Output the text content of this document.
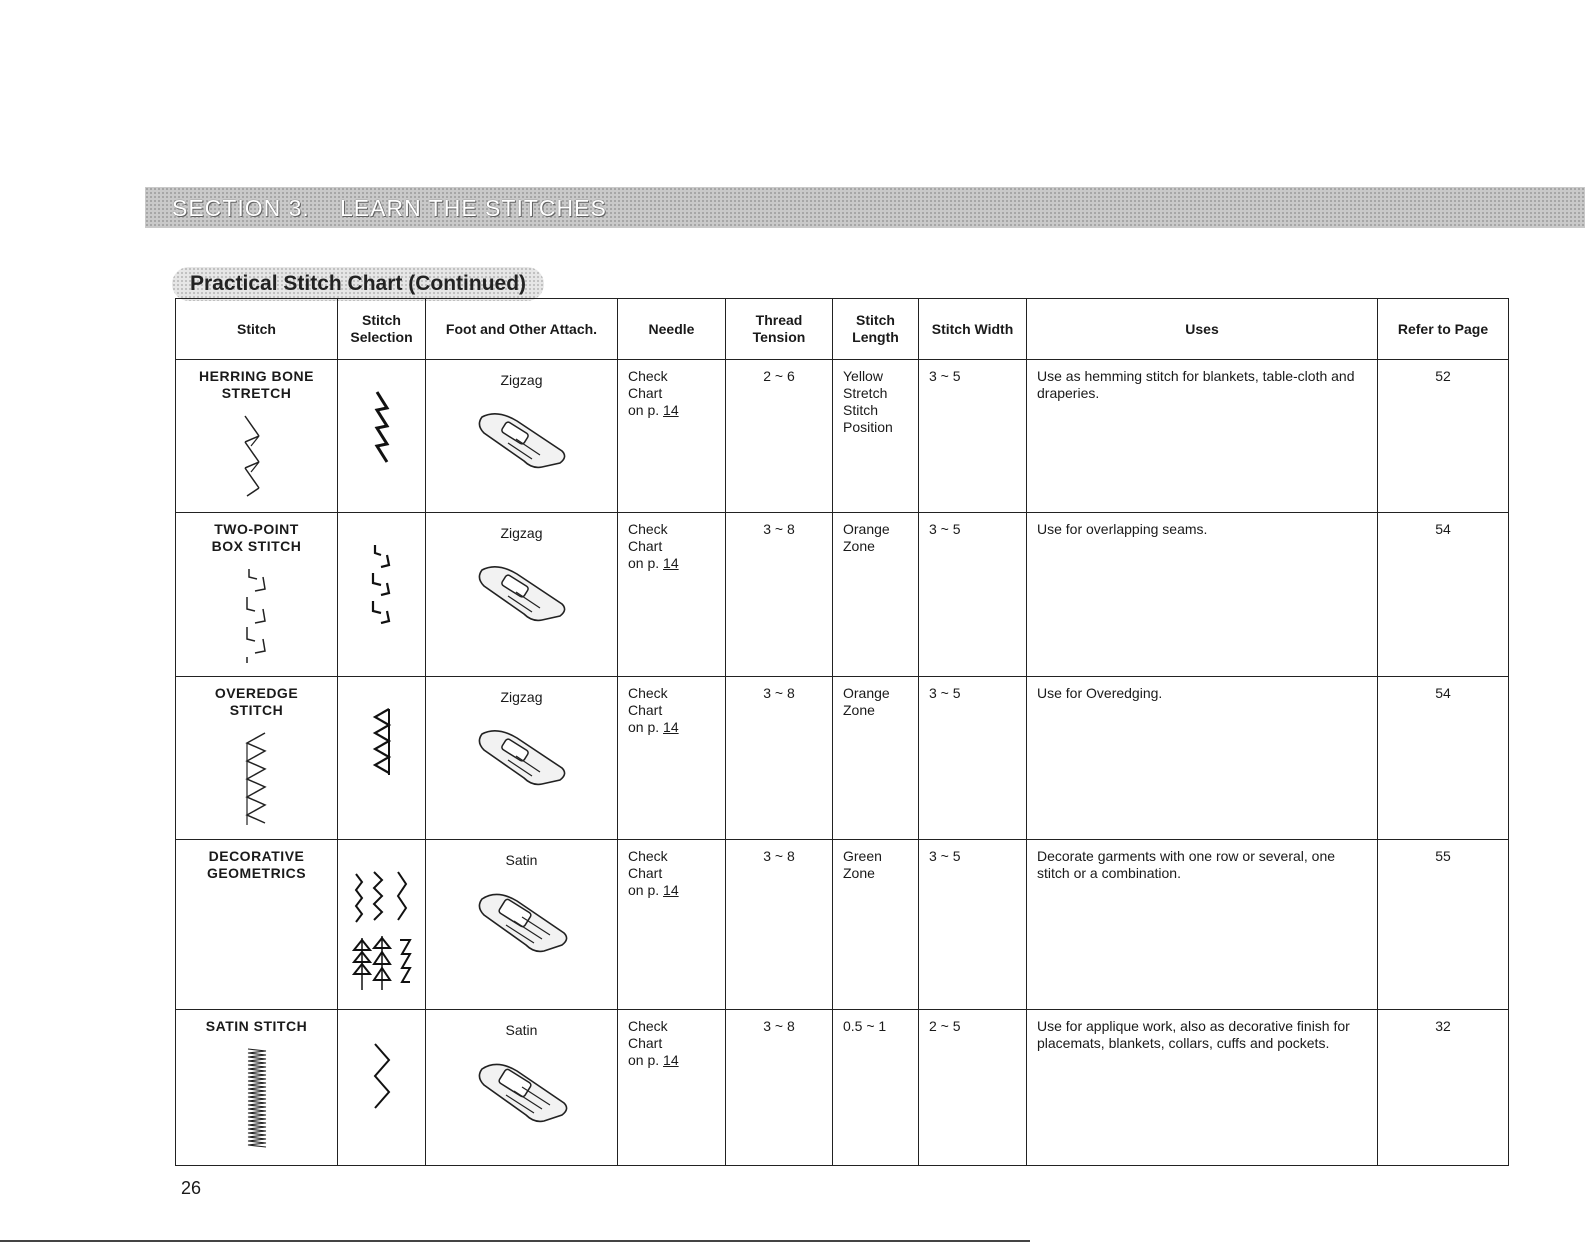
SECTION 3. LEARN THE STITCHES
Practical Stitch Chart (Continued)
Stitch	Stitch Selection	Foot and Other Attach.	Needle	Thread Tension	Stitch Length	Stitch Width	Uses	Refer to Page

HERRING BONE
STRETCH		Zigzag	Check
Chart
on p. 14	2 ~ 6	Yellow Stretch Stitch Position	3 ~ 5	Use as hemming stitch for blankets, table-cloth and draperies.	52

TWO-POINT
BOX STITCH		Zigzag	Check
Chart
on p. 14	3 ~ 8	Orange Zone	3 ~ 5	Use for overlapping seams.	54

OVEREDGE
STITCH		Zigzag	Check
Chart
on p. 14	3 ~ 8	Orange Zone	3 ~ 5	Use for Overedging.	54

DECORATIVE
GEOMETRICS		Satin	Check
Chart
on p. 14	3 ~ 8	Green Zone	3 ~ 5	Decorate garments with one row or several, one stitch or a combination.	55

SATIN STITCH		Satin	Check
Chart
on p. 14	3 ~ 8	0.5 ~ 1	2 ~ 5	Use for applique work, also as decorative finish for placemats, blankets, collars, cuffs and pockets.	32
26
